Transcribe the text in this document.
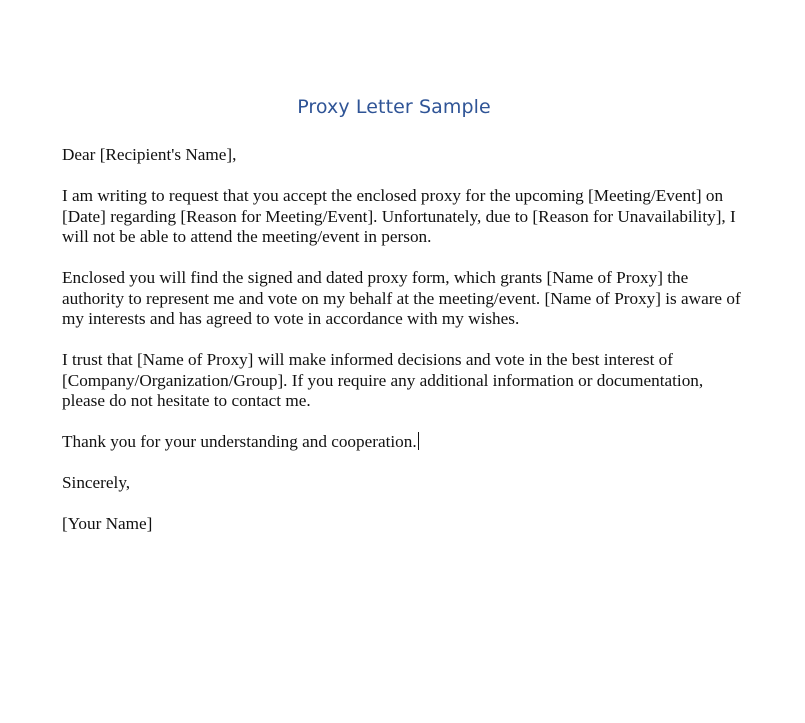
Proxy Letter Sample

Dear [Recipient's Name],

I am writing to request that you accept the enclosed proxy for the upcoming [Meeting/Event] on [Date] regarding [Reason for Meeting/Event]. Unfortunately, due to [Reason for Unavailability], I will not be able to attend the meeting/event in person.

Enclosed you will find the signed and dated proxy form, which grants [Name of Proxy] the authority to represent me and vote on my behalf at the meeting/event. [Name of Proxy] is aware of my interests and has agreed to vote in accordance with my wishes.

I trust that [Name of Proxy] will make informed decisions and vote in the best interest of [Company/Organization/Group]. If you require any additional information or documentation, please do not hesitate to contact me.

Thank you for your understanding and cooperation.

Sincerely,

[Your Name]
